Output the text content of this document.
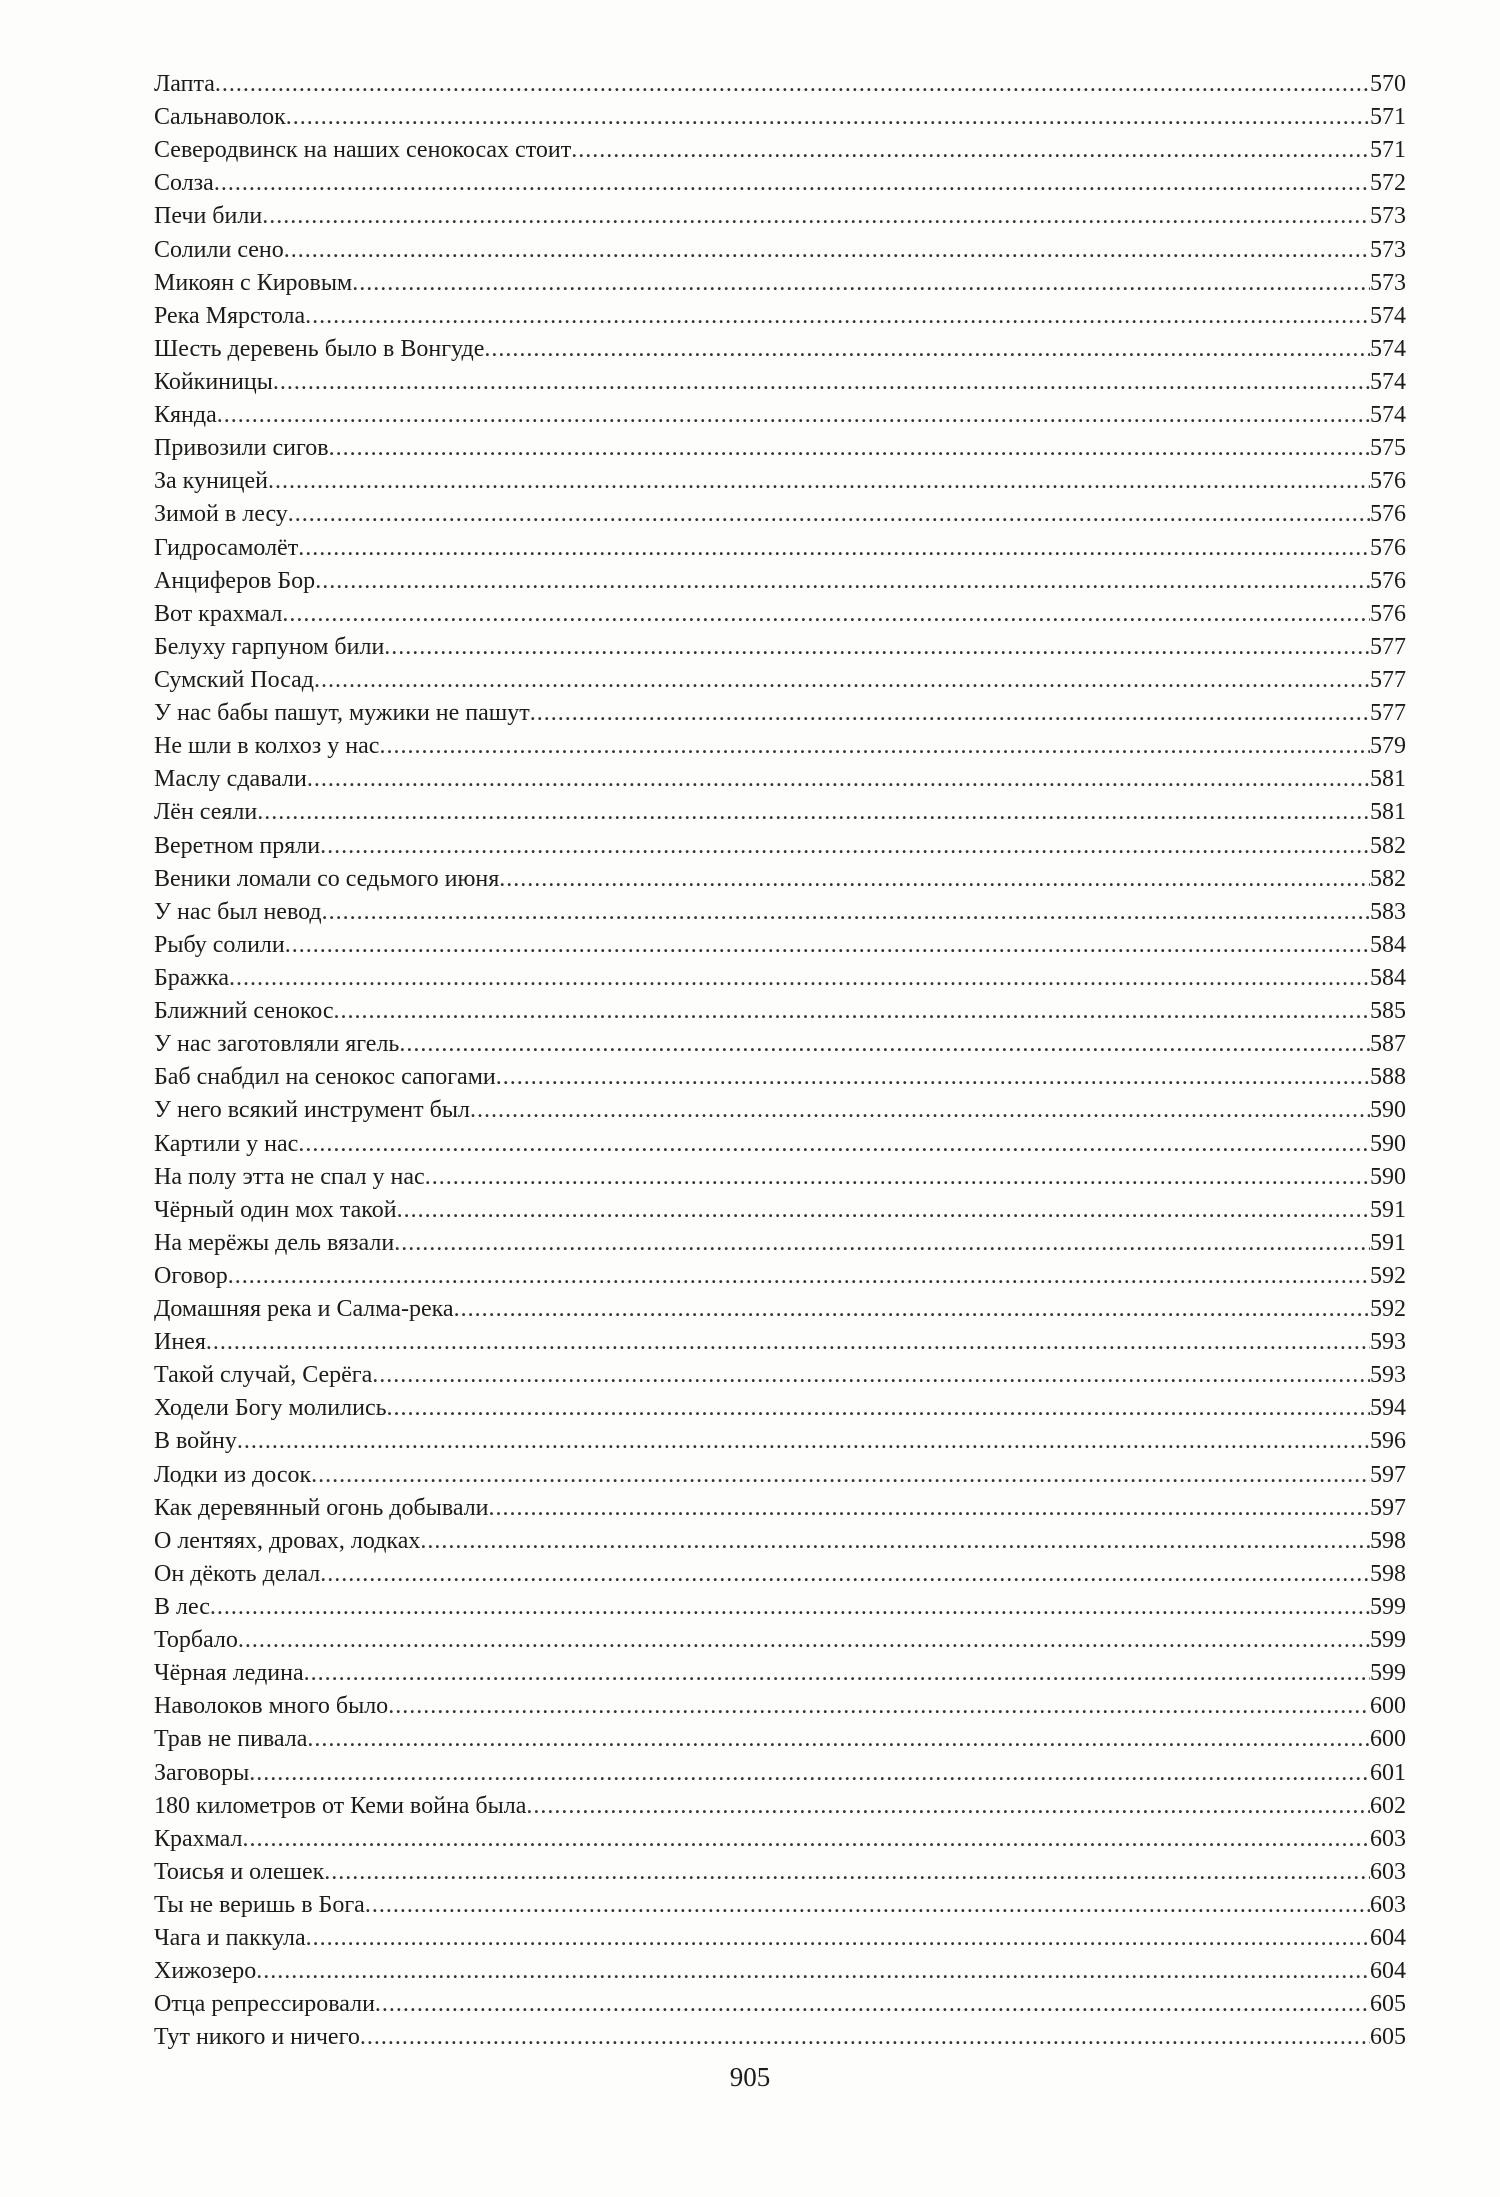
Лапта .....	570
Сальнаволок .....	571
Северодвинск на наших сенокосах стоит .....	571
Солза .....	572
Печи били .....	573
Солили сено .....	573
Микоян с Кировым .....	573
Река Мярстола .....	574
Шесть деревень было в Вонгуде .....	574
Койкиницы .....	574
Кянда .....	574
Привозили сигов .....	575
За куницей .....	576
Зимой в лесу .....	576
Гидросамолёт .....	576
Анциферов Бор .....	576
Вот крахмал .....	576
Белуху гарпуном били .....	577
Сумский Посад .....	577
У нас бабы пашут, мужики не пашут .....	577
Не шли в колхоз у нас .....	579
Маслу сдавали .....	581
Лён сеяли .....	581
Веретном пряли .....	582
Веники ломали со седьмого июня .....	582
У нас был невод .....	583
Рыбу солили .....	584
Бражка .....	584
Ближний сенокос .....	585
У нас заготовляли ягель .....	587
Баб снабдил на сенокос сапогами .....	588
У него всякий инструмент был .....	590
Картили у нас .....	590
На полу этта не спал у нас .....	590
Чёрный один мох такой .....	591
На мерёжы дель вязали .....	591
Оговор .....	592
Домашняя река и Салма-река .....	592
Инея .....	593
Такой случай, Серёга .....	593
Ходели Богу молились .....	594
В войну .....	596
Лодки из досок .....	597
Как деревянный огонь добывали .....	597
О лентяях, дровах, лодках .....	598
Он дёкоть делал .....	598
В лес .....	599
Торбало .....	599
Чёрная ледина .....	599
Наволоков много было .....	600
Трав не пивала .....	600
Заговоры .....	601
180 километров от Кеми война была .....	602
Крахмал .....	603
Тоисья и олешек .....	603
Ты не веришь в Бога .....	603
Чага и паккула .....	604
Хижозеро .....	604
Отца репрессировали .....	605
Тут никого и ничего .....	605
905
